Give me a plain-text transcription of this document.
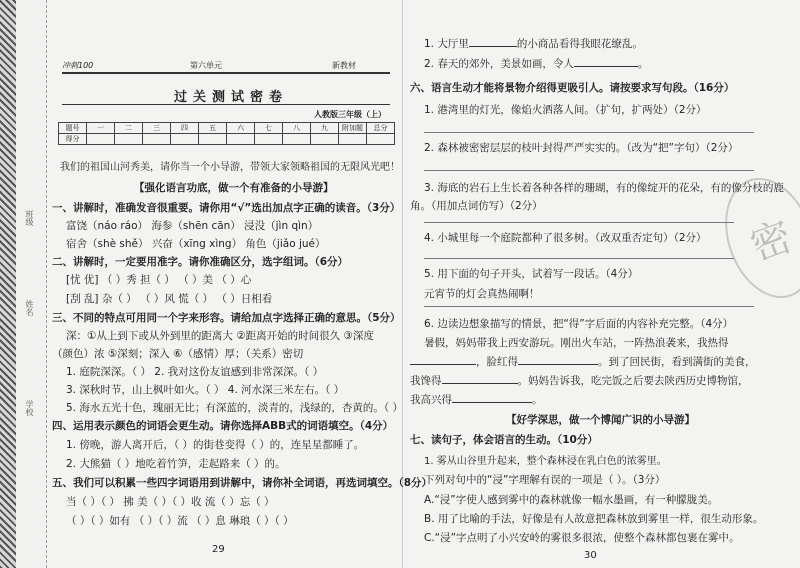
班级
姓名
学校
冲刺100	第六单元	新教材
过关测试密卷
人教版三年级（上）
题号	一	二	三	四	五	六	七	八	九	附加题	总分
得分											
我们的祖国山河秀美，请你当一个小导游，带领大家领略祖国的无限风光吧！
【强化语言功底，做一个有准备的小导游】
一、讲解时，准确发音很重要。请你用“√”选出加点字正确的读音。（3分）
富饶（náo ráo） 海参（shēn cān） 浸没（jìn qìn）
宿舍（shè shě） 兴奋（xīng xìng） 角色（jiǎo jué）
二、讲解时，一定要用准字。请你准确区分，选字组词。（6分）
[忧 优] （ ）秀 担（ ） （ ）美 （ ）心
[刮 乱] 杂（ ） （ ）风 慌（ ） （ ）日相看
三、不同的特点可用同一个字来形容。请给加点字选择正确的意思。（5分）
深：①从上到下或从外到里的距离大 ②距离开始的时间很久 ③深度
（颜色）浓 ⑤深刻；深入 ⑥（感情）厚；（关系）密切
1. 庭院深深。（ ） 2. 我对这份友谊感到非常深深。（ ）
3. 深秋时节，山上枫叶如火。（ ） 4. 河水深三米左右。（ ）
5. 海水五光十色，瑰丽无比；有深蓝的，淡青的，浅绿的，杏黄的。（ ）
四、运用表示颜色的词语会更生动。请你选择ABB式的词语填空。（4分）
1. 傍晚，游人离开后，（ ）的街巷变得（ ）的，连星星都睡了。
2. 大熊猫（ ）地吃着竹笋，走起路来（ ）的。
五、我们可以积累一些四字词语用到讲解中，请你补全词语，再选词填空。（8分）
当（ ）（ ） 拂 美（ ）（ ）收 流（ ）忘（ ）
（ ）（ ）如有 （ ）（ ）流 （ ）息 琳琅（ ）（ ）
29
1. 大厅里	的小商品看得我眼花缭乱。
2. 春天的郊外，美景如画，令人	。
六、语言生动才能将景物介绍得更吸引人。请按要求写句段。（16分）
1. 港湾里的灯光，像焰火洒落人间。（扩句，扩两处）（2分）
2. 森林被密密层层的枝叶封得严严实实的。（改为“把”字句）（2分）
3. 海底的岩石上生长着各种各样的珊瑚，有的像绽开的花朵，有的像分枝的鹿
角。（用加点词仿写）（2分）
4. 小城里每一个庭院都种了很多树。（改双重否定句）（2分）
5. 用下面的句子开头，试着写一段话。（4分）
元宵节的灯会真热闹啊！
6. 边读边想象描写的情景，把“得”字后面的内容补充完整。（4分）
暑假，妈妈带我上西安游玩。刚出火车站，一阵热浪袭来，我热得
，脸红得	。到了回民街，看到满街的美食，
我馋得	。妈妈告诉我，吃完饭之后要去陕西历史博物馆，
我高兴得	。
【好学深思，做一个博闻广识的小导游】
七、读句子，体会语言的生动。（10分）
1. 雾从山谷里升起来，整个森林浸在乳白色的浓雾里。
下列对句中的“浸”字理解有误的一项是（ ）。（3分）
A.“浸”字使人感到雾中的森林就像一幅水墨画，有一种朦胧美。
B. 用了比喻的手法，好像是有人故意把森林放到雾里一样，很生动形象。
C.“浸”字点明了小兴安岭的雾很多很浓，使整个森林都包裹在雾中。
30
密
